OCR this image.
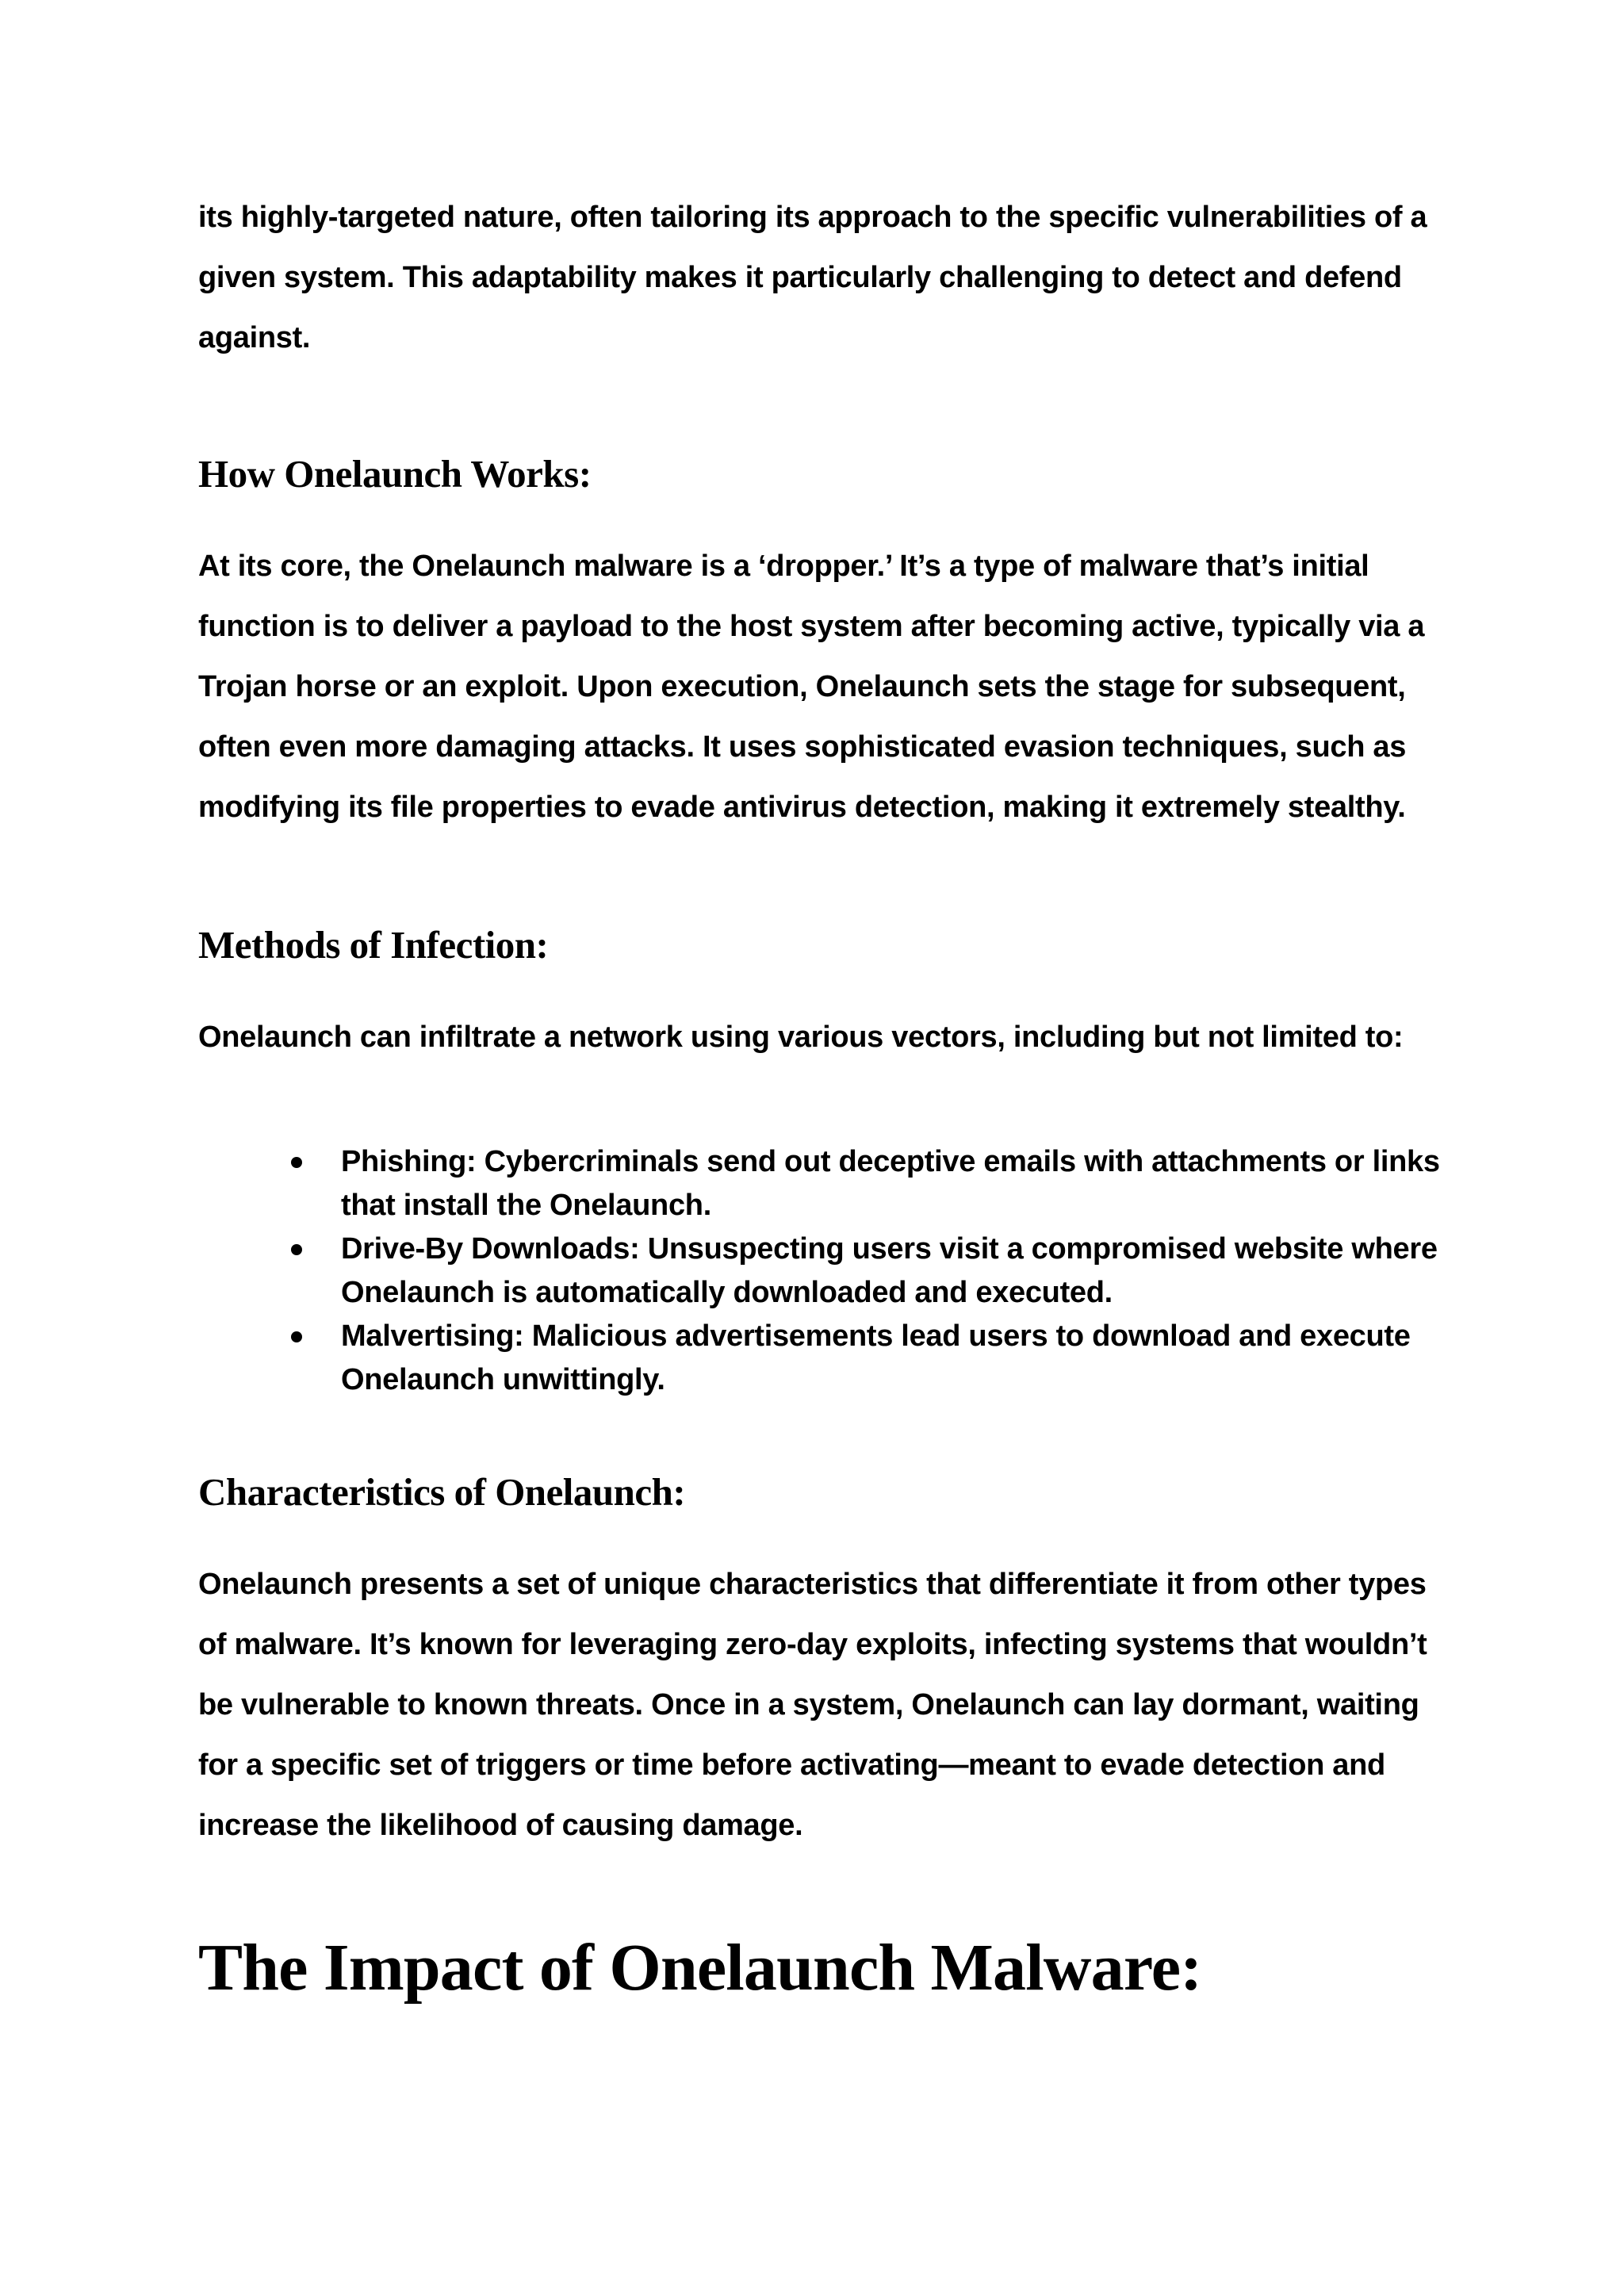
its highly-targeted nature, often tailoring its approach to the specific vulnerabilities of a given system. This adaptability makes it particularly challenging to detect and defend against.

How Onelaunch Works:

At its core, the Onelaunch malware is a ‘dropper.’ It’s a type of malware that’s initial function is to deliver a payload to the host system after becoming active, typically via a Trojan horse or an exploit. Upon execution, Onelaunch sets the stage for subsequent, often even more damaging attacks. It uses sophisticated evasion techniques, such as modifying its file properties to evade antivirus detection, making it extremely stealthy.

Methods of Infection:

Onelaunch can infiltrate a network using various vectors, including but not limited to:

Phishing: Cybercriminals send out deceptive emails with attachments or links that install the Onelaunch.
Drive-By Downloads: Unsuspecting users visit a compromised website where Onelaunch is automatically downloaded and executed.
Malvertising: Malicious advertisements lead users to download and execute Onelaunch unwittingly.
Characteristics of Onelaunch:

Onelaunch presents a set of unique characteristics that differentiate it from other types of malware. It’s known for leveraging zero-day exploits, infecting systems that wouldn’t be vulnerable to known threats. Once in a system, Onelaunch can lay dormant, waiting for a specific set of triggers or time before activating—meant to evade detection and increase the likelihood of causing damage.

The Impact of Onelaunch Malware:
